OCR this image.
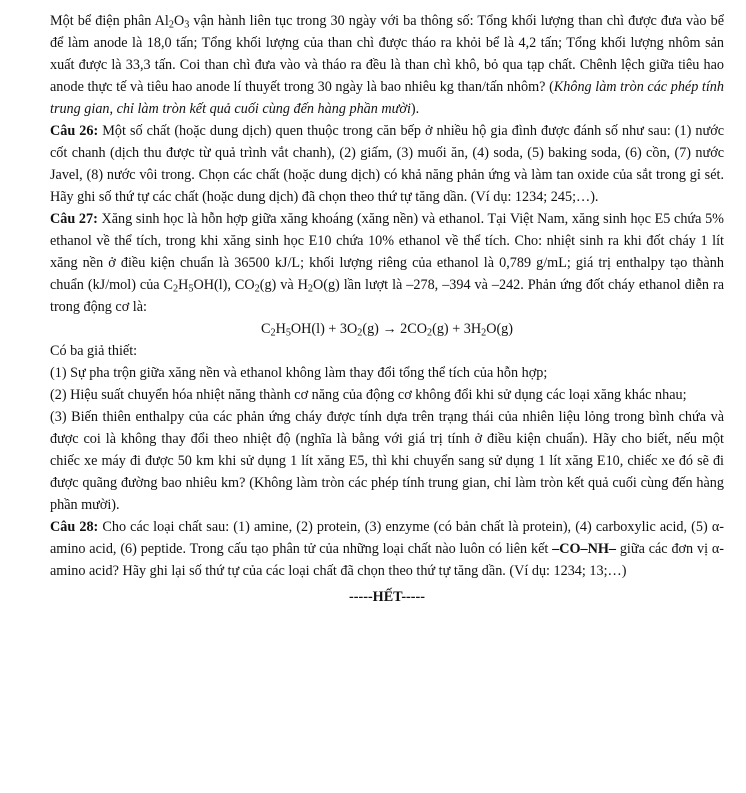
Một bể điện phân $Al_2O_3$ vận hành liên tục trong 30 ngày với ba thông số: Tổng khối lượng than chì được đưa vào bể để làm anode là 18,0 tấn; Tổng khối lượng của than chì được tháo ra khỏi bể là 4,2 tấn; Tổng khối lượng nhôm sản xuất được là 33,3 tấn. Coi than chì đưa vào và tháo ra đều là than chì khô, bỏ qua tạp chất. Chênh lệch giữa tiêu hao anode thực tế và tiêu hao anode lí thuyết trong 30 ngày là bao nhiêu kg than/tấn nhôm? (Không làm tròn các phép tính trung gian, chỉ làm tròn kết quả cuối cùng đến hàng phần mười).

Câu 26: Một số chất (hoặc dung dịch) quen thuộc trong căn bếp ở nhiều hộ gia đình được đánh số như sau: (1) nước cốt chanh (dịch thu được từ quả trình vắt chanh), (2) giấm, (3) muối ăn, (4) soda, (5) baking soda, (6) cồn, (7) nước Javel, (8) nước vôi trong. Chọn các chất (hoặc dung dịch) có khả năng phản ứng và làm tan oxide của sắt trong gỉ sét. Hãy ghi số thứ tự các chất (hoặc dung dịch) đã chọn theo thứ tự tăng dần. (Ví dụ: 1234; 245;…).

Câu 27: Xăng sinh học là hỗn hợp giữa xăng khoáng (xăng nền) và ethanol. Tại Việt Nam, xăng sinh học E5 chứa 5% ethanol về thể tích, trong khi xăng sinh học E10 chứa 10% ethanol về thể tích. Cho: nhiệt sinh ra khi đốt cháy 1 lít xăng nền ở điều kiện chuẩn là 36500 kJ/L; khối lượng riêng của ethanol là 0,789 g/mL; giá trị enthalpy tạo thành chuẩn (kJ/mol) của $C_2H_5OH(l)$, $CO_2(g)$ và $H_2O(g)$ lần lượt là –278, –394 và –242. Phản ứng đốt cháy ethanol diễn ra trong động cơ là:

$C_2H_5OH(l) + 3O_2(g) \to 2CO_2(g) + 3H_2O(g)$

Có ba giả thiết:

(1) Sự pha trộn giữa xăng nền và ethanol không làm thay đổi tổng thể tích của hỗn hợp;

(2) Hiệu suất chuyển hóa nhiệt năng thành cơ năng của động cơ không đổi khi sử dụng các loại xăng khác nhau;

(3) Biến thiên enthalpy của các phản ứng cháy được tính dựa trên trạng thái của nhiên liệu lỏng trong bình chứa và được coi là không thay đổi theo nhiệt độ (nghĩa là bằng với giá trị tính ở điều kiện chuẩn). Hãy cho biết, nếu một chiếc xe máy đi được 50 km khi sử dụng 1 lít xăng E5, thì khi chuyển sang sử dụng 1 lít xăng E10, chiếc xe đó sẽ đi được quãng đường bao nhiêu km? (Không làm tròn các phép tính trung gian, chỉ làm tròn kết quả cuối cùng đến hàng phần mười).

Câu 28: Cho các loại chất sau: (1) amine, (2) protein, (3) enzyme (có bản chất là protein), (4) carboxylic acid, (5) α-amino acid, (6) peptide. Trong cấu tạo phân tử của những loại chất nào luôn có liên kết –CO–NH– giữa các đơn vị α-amino acid? Hãy ghi lại số thứ tự của các loại chất đã chọn theo thứ tự tăng dần. (Ví dụ: 1234; 13;…)

-----HẾT-----
